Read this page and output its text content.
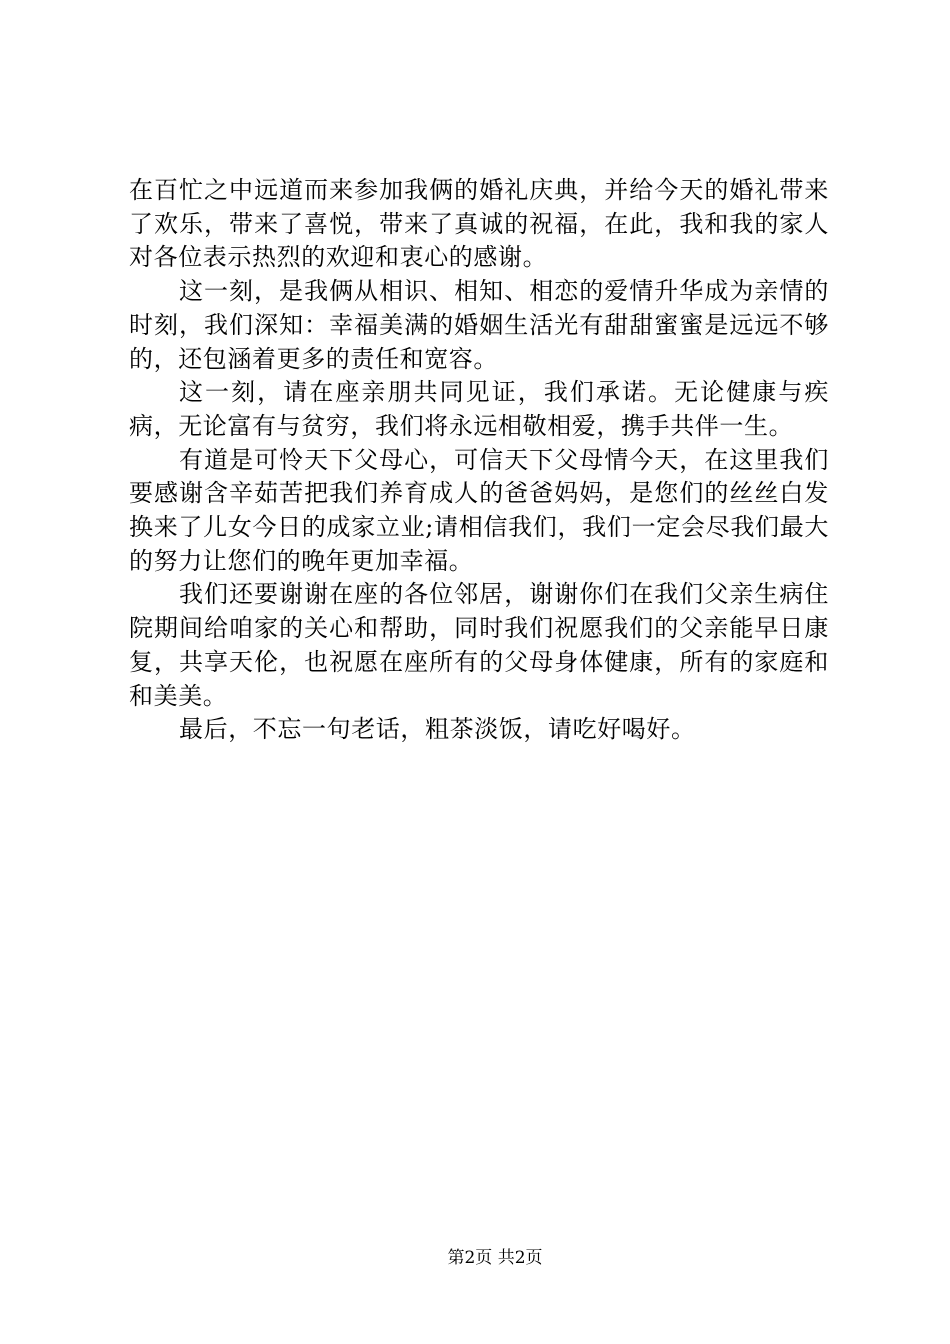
在百忙之中远道而来参加我俩的婚礼庆典，并给今天的婚礼带来了欢乐，带来了喜悦，带来了真诚的祝福，在此，我和我的家人对各位表示热烈的欢迎和衷心的感谢。

这一刻，是我俩从相识、相知、相恋的爱情升华成为亲情的时刻，我们深知：幸福美满的婚姻生活光有甜甜蜜蜜是远远不够的，还包涵着更多的责任和宽容。

这一刻，请在座亲朋共同见证，我们承诺。无论健康与疾病，无论富有与贫穷，我们将永远相敬相爱，携手共伴一生。

有道是可怜天下父母心，可信天下父母情今天，在这里我们要感谢含辛茹苦把我们养育成人的爸爸妈妈，是您们的丝丝白发换来了儿女今日的成家立业;请相信我们，我们一定会尽我们最大的努力让您们的晚年更加幸福。

我们还要谢谢在座的各位邻居，谢谢你们在我们父亲生病住院期间给咱家的关心和帮助，同时我们祝愿我们的父亲能早日康复，共享天伦，也祝愿在座所有的父母身体健康，所有的家庭和和美美。

最后，不忘一句老话，粗茶淡饭，请吃好喝好。

第2页 共2页
